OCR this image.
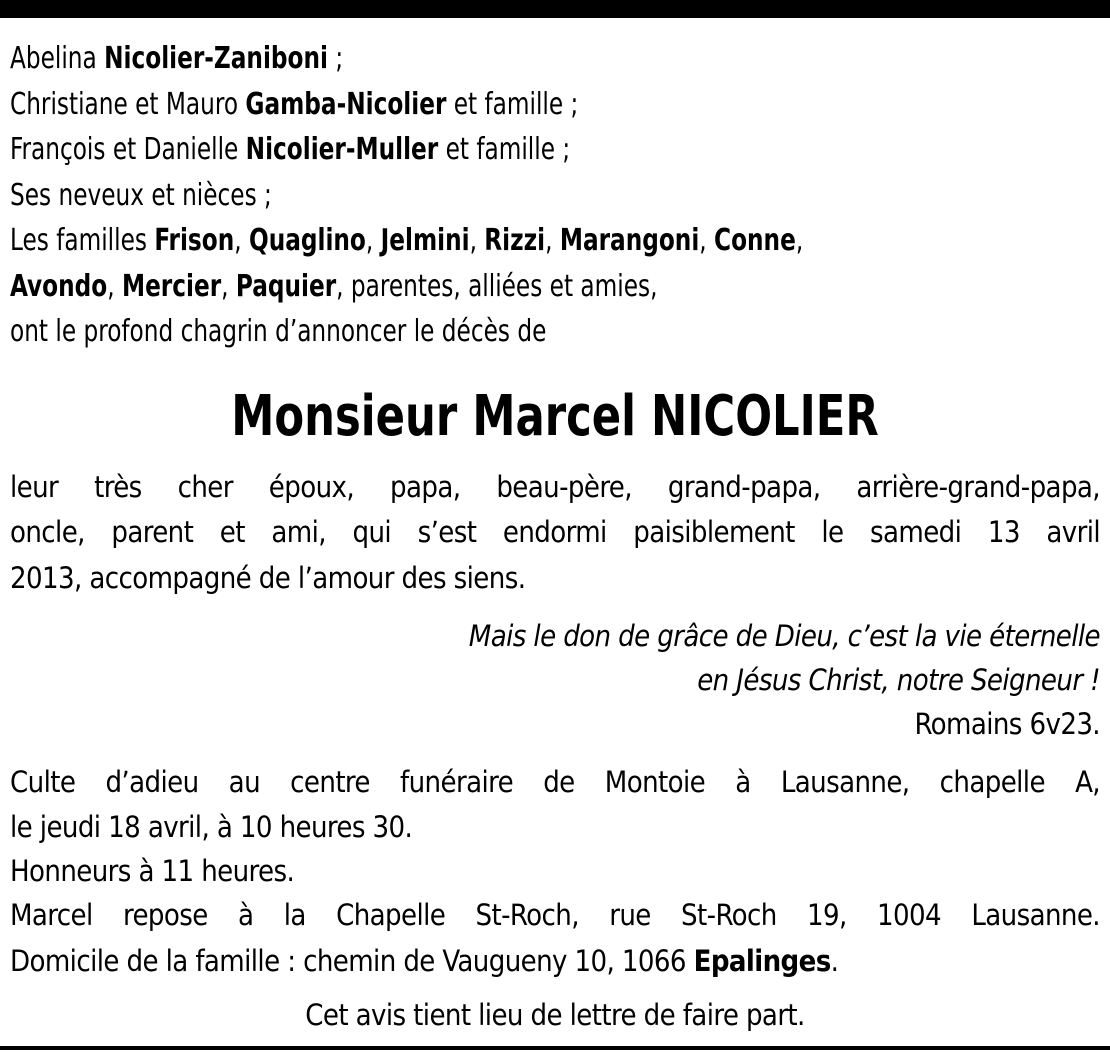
Abelina Nicolier-Zaniboni ;
Christiane et Mauro Gamba-Nicolier et famille ;
François et Danielle Nicolier-Muller et famille ;
Ses neveux et nièces ;
Les familles Frison, Quaglino, Jelmini, Rizzi, Marangoni, Conne,
Avondo, Mercier, Paquier, parentes, alliées et amies,
ont le profond chagrin d’annoncer le décès de
Monsieur Marcel NICOLIER
leur très cher époux, papa, beau-père, grand-papa, arrière-grand-papa,
oncle, parent et ami, qui s’est endormi paisiblement le samedi 13 avril
2013, accompagné de l’amour des siens.
Mais le don de grâce de Dieu, c’est la vie éternelle
en Jésus Christ, notre Seigneur !
Romains 6v23.
Culte d’adieu au centre funéraire de Montoie à Lausanne, chapelle A,
le jeudi 18 avril, à 10 heures 30.
Honneurs à 11 heures.
Marcel repose à la Chapelle St-Roch, rue St-Roch 19, 1004 Lausanne.
Domicile de la famille : chemin de Vaugueny 10, 1066 Epalinges.
Cet avis tient lieu de lettre de faire part.
